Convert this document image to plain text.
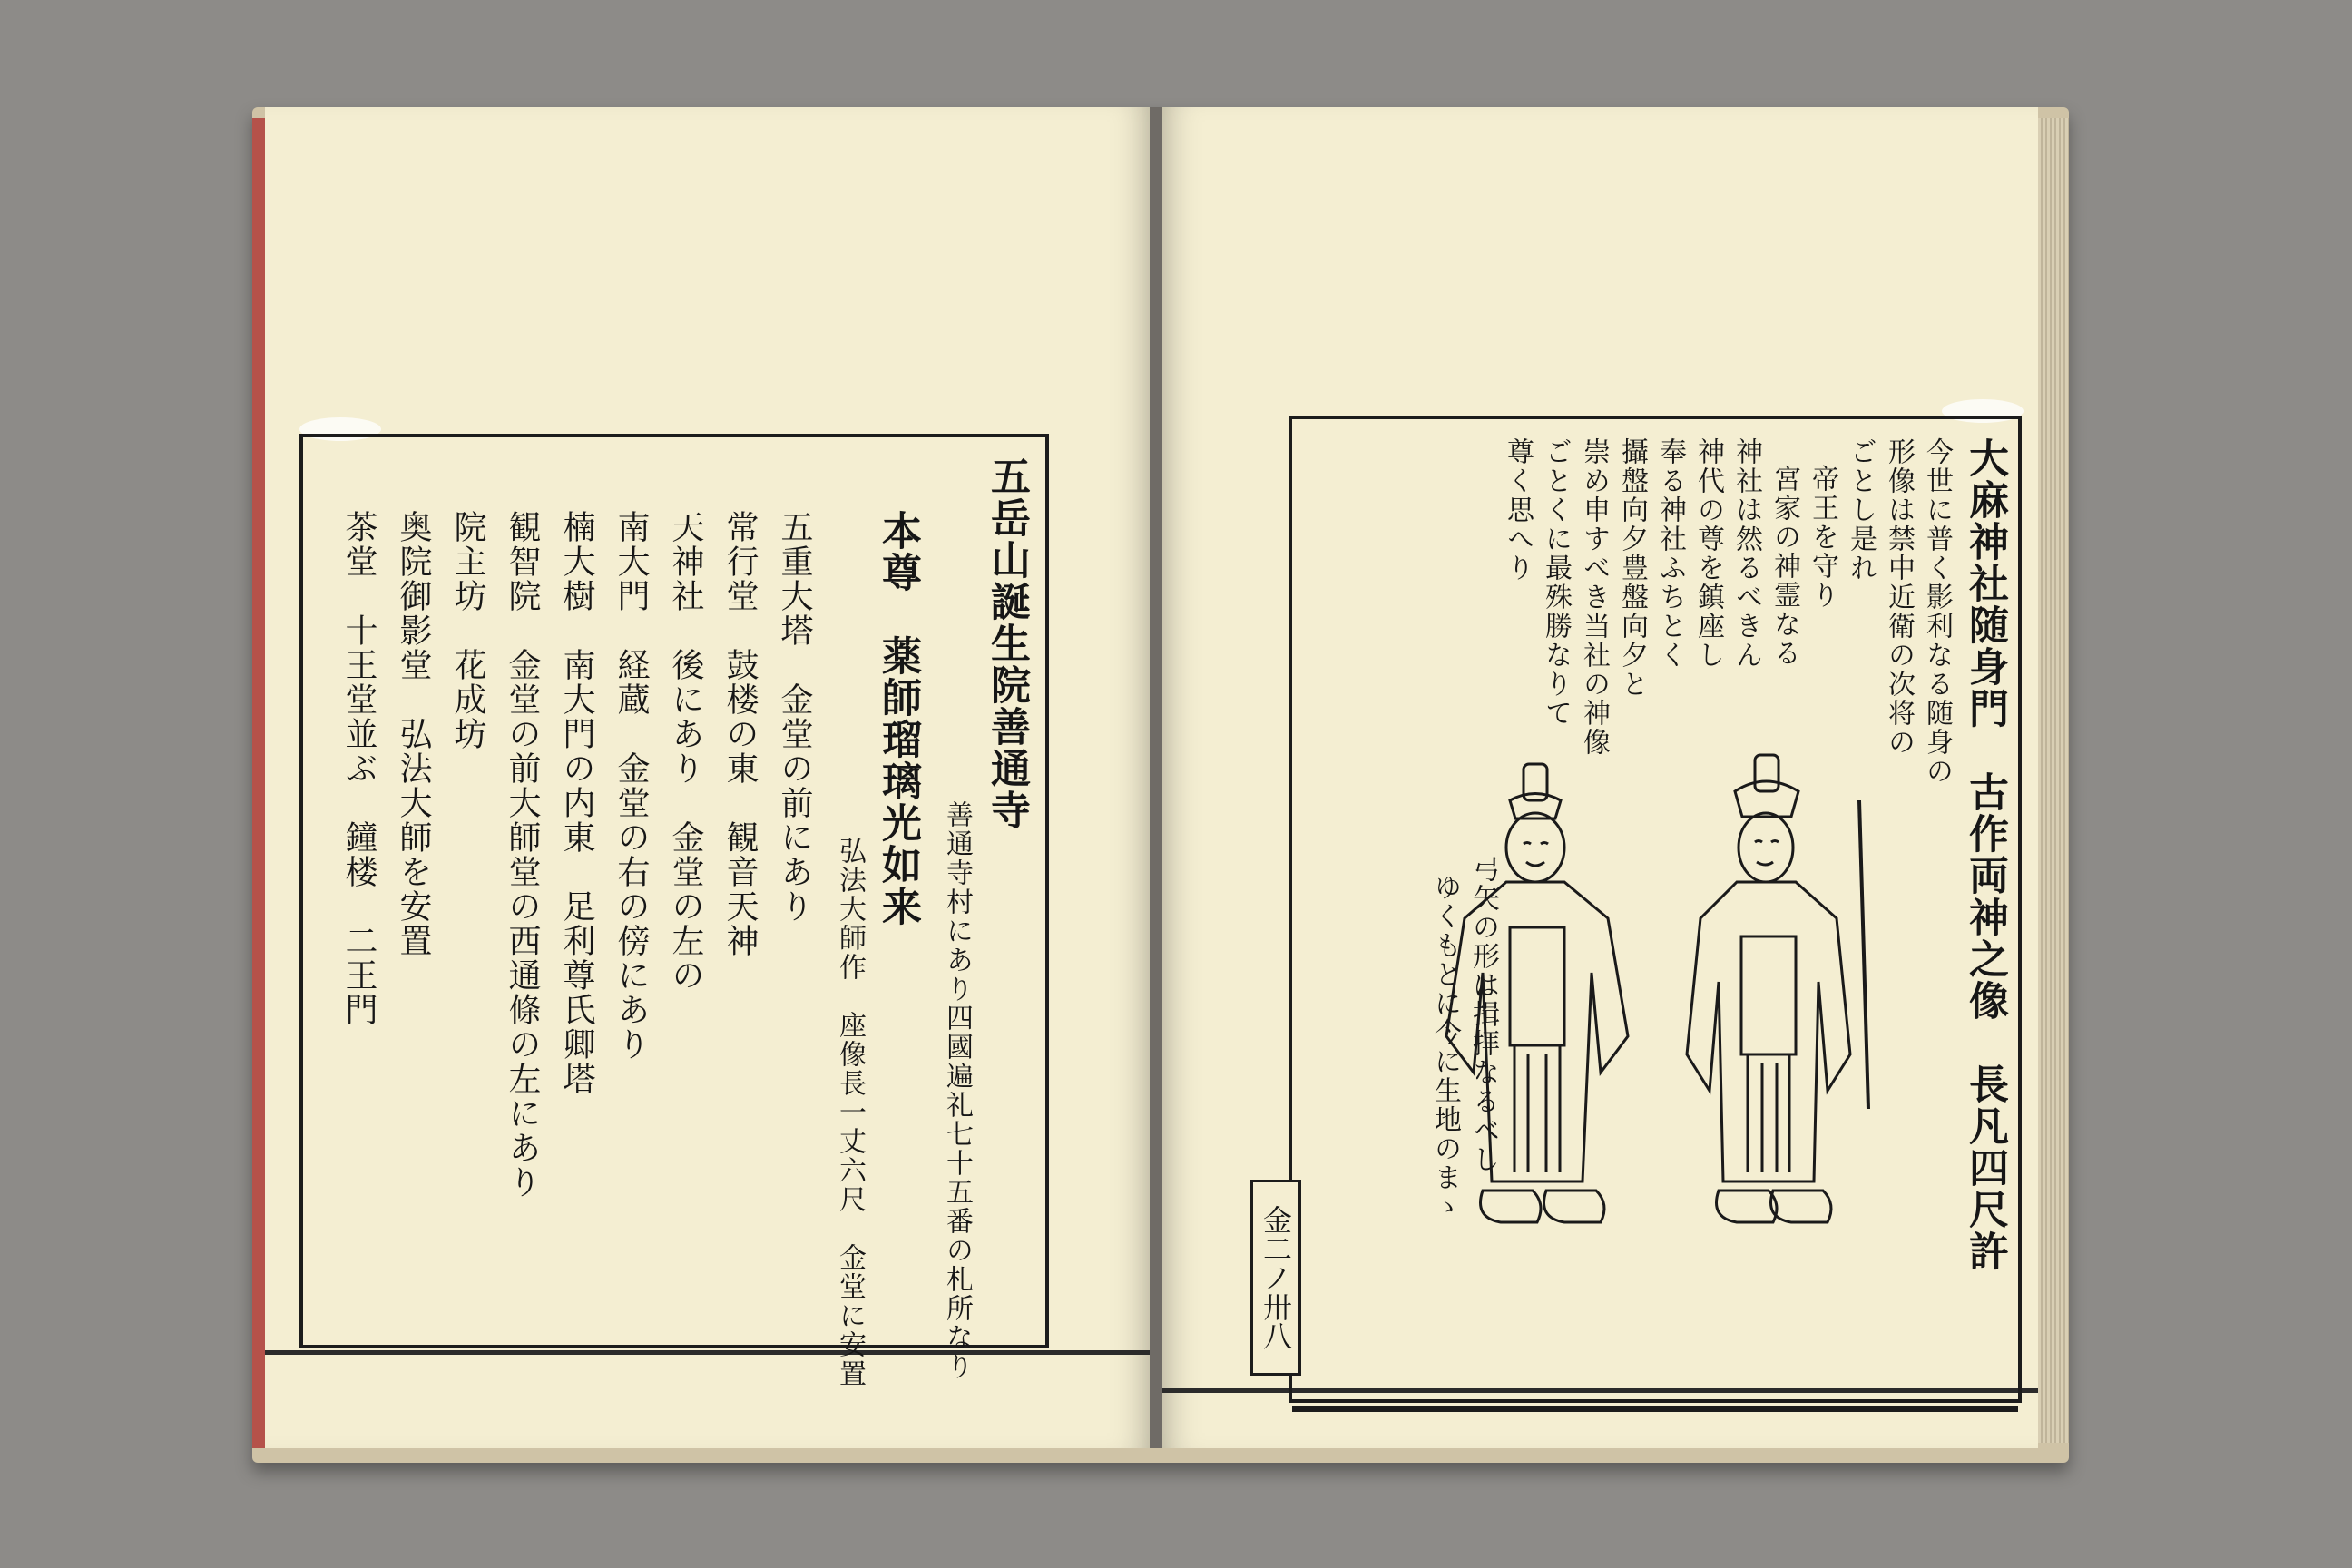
五岳山誕生院善通寺
善通寺村にあり四國遍礼七十五番の札所なり
本尊　薬師瑠璃光如来
弘法大師作　座像長一丈六尺　金堂に安置
五重大塔　金堂の前にあり
常行堂　鼓楼の東　観音天神
天神社　後にあり　金堂の左の
南大門　経蔵　金堂の右の傍にあり
楠大樹　南大門の内東　足利尊氏卿塔
観智院　金堂の前大師堂の西通條の左にあり
院主坊　花成坊
奥院御影堂　弘法大師を安置
茶堂　十王堂並ぶ　鐘楼　二王門	大麻神社随身門　古作両神之像　長凡四尺許
今世に普く影利なる随身の
形像は禁中近衛の次将の
ごとし是れ
帝王を守り
宮家の神霊なる
神社は然るべきん
神代の尊を鎮座し
奉る神社ふちとく
攝盤向夕豊盤向夕と
崇め申すべき当社の神像
ごとくに最殊勝なりて
尊く思へり
弓矢の形は揖拝なるべし
ゆくもとに今に生地のまゝ
金二ノ卅八
